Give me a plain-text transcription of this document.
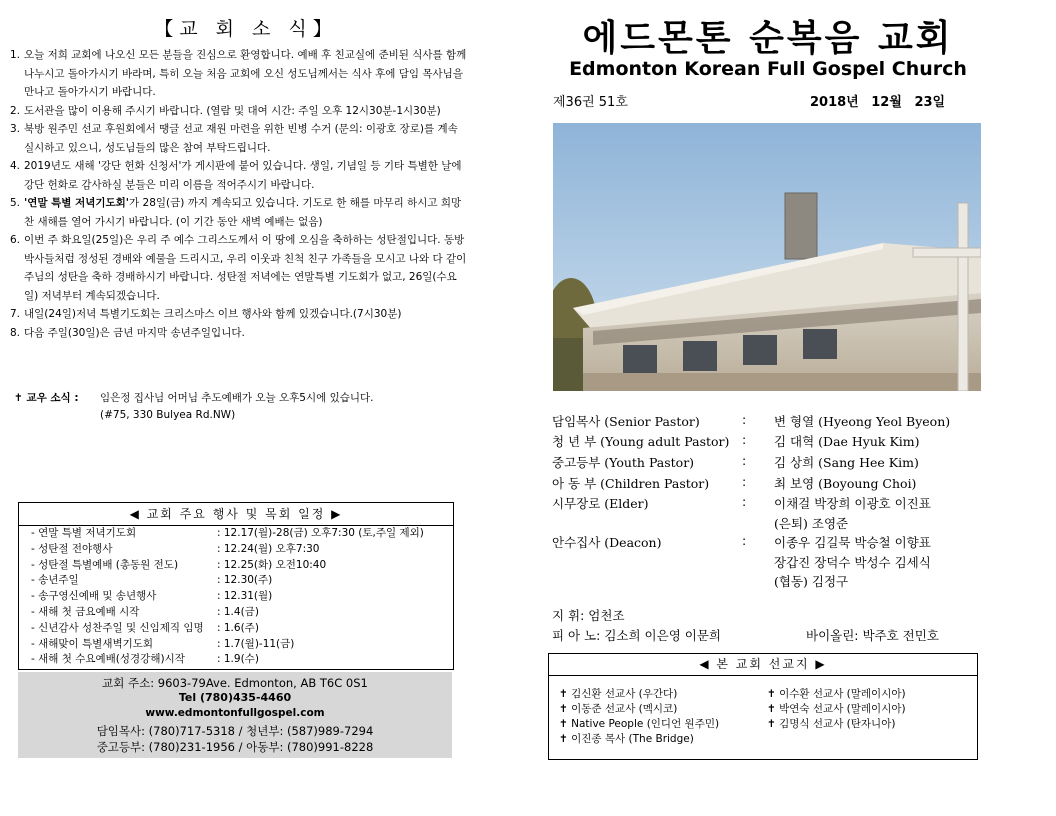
【교 회 소 식】
1. 오늘 저희 교회에 나오신 모든 분들을 진심으로 환영합니다. 예배 후 친교실에 준비된 식사를 함께 나누시고 돌아가시기 바라며, 특히 오늘 처음 교회에 오신 성도님께서는 식사 후에 담임 목사님을 만나고 돌아가시기 바랍니다.
2. 도서관을 많이 이용해 주시기 바랍니다. (열람 및 대여 시간: 주일 오후 12시30분-1시30분)
3. 북방 원주민 선교 후원회에서 땡글 선교 재원 마련을 위한 빈병 수거 (문의: 이광호 장로)를 계속 실시하고 있으니, 성도님들의 많은 참여 부탁드립니다.
4. 2019년도 새해 '강단 헌화 신청서'가 게시판에 붙어 있습니다. 생일, 기념일 등 기타 특별한 날에 강단 헌화로 감사하실 분들은 미리 이름을 적어주시기 바랍니다.
5. '연말 특별 저녁기도회'가 28일(금) 까지 계속되고 있습니다. 기도로 한 해를 마무리 하시고 희망찬 새해를 열어 가시기 바랍니다. (이 기간 동안 새벽 예배는 없음)
6. 이번 주 화요일(25일)은 우리 주 예수 그리스도께서 이 땅에 오심을 축하하는 성탄절입니다. 동방박사들처럼 정성된 경배와 예물을 드리시고, 우리 이웃과 친척 친구 가족들을 모시고 나와 다 같이 주님의 성탄을 축하 경배하시기 바랍니다. 성탄절 저녁에는 연말특별 기도회가 없고, 26일(수요일) 저녁부터 계속되겠습니다.
7. 내일(24일)저녁 특별기도회는 크리스마스 이브 행사와 함께 있겠습니다.(7시30분)
8. 다음 주일(30일)은 금년 마지막 송년주일입니다.
✝ 교우 소식 :	임은정 집사님 어머님 추도예배가 오늘 오후5시에 있습니다.
(#75, 330 Bulyea Rd.NW)
◀ 교회 주요 행사 및 목회 일정 ▶
- 연말 특별 저녁기도회	: 12.17(월)-28(금) 오후7:30 (토,주일 제외)
- 성탄절 전야행사	: 12.24(월) 오후7:30
- 성탄절 특별예배 (총동원 전도)	: 12.25(화) 오전10:40
- 송년주일	: 12.30(주)
- 송구영신예배 및 송년행사	: 12.31(월)
- 새해 첫 금요예배 시작	: 1.4(금)
- 신년감사 성찬주일 및 신임제직 임명	: 1.6(주)
- 새해맞이 특별새벽기도회	: 1.7(월)-11(금)
- 새해 첫 수요예배(성경강해)시작	: 1.9(수)
교회 주소: 9603-79Ave. Edmonton, AB T6C 0S1
Tel (780)435-4460
www.edmontonfullgospel.com
담임목사: (780)717-5318 / 청년부: (587)989-7294
중고등부: (780)231-1956 / 아동부: (780)991-8228
에드몬톤 순복음 교회
Edmonton Korean Full Gospel Church
제36권 51호	2018년 12월 23일
담임목사 (Senior Pastor)	: 변 형열 (Hyeong Yeol Byeon)
청 년 부 (Young adult Pastor) : 김 대혁 (Dae Hyuk Kim)
중고등부 (Youth Pastor)	: 김 상희 (Sang Hee Kim)
아 동 부 (Children Pastor)	: 최 보영 (Boyoung Choi)
시무장로 (Elder)	: 이채걸 박장희 이광호 이진표
(은퇴) 조영준
안수집사 (Deacon)	: 이종우 김길묵 박승철 이향표
장갑진 장덕수 박성수 김세식
(협동) 김정구
지 휘: 엄천조
피 아 노: 김소희 이은영 이문희	바이올린: 박주호 전민호
◀ 본 교회 선교지 ▶
✝ 김신환 선교사 (우간다)
✝ 이동준 선교사 (멕시코)
✝ Native People (인디언 원주민)
✝ 이진종 목사 (The Bridge)
✝ 이수환 선교사 (말레이시아)
✝ 박연숙 선교사 (말레이시아)
✝ 김명식 선교사 (탄자니아)
